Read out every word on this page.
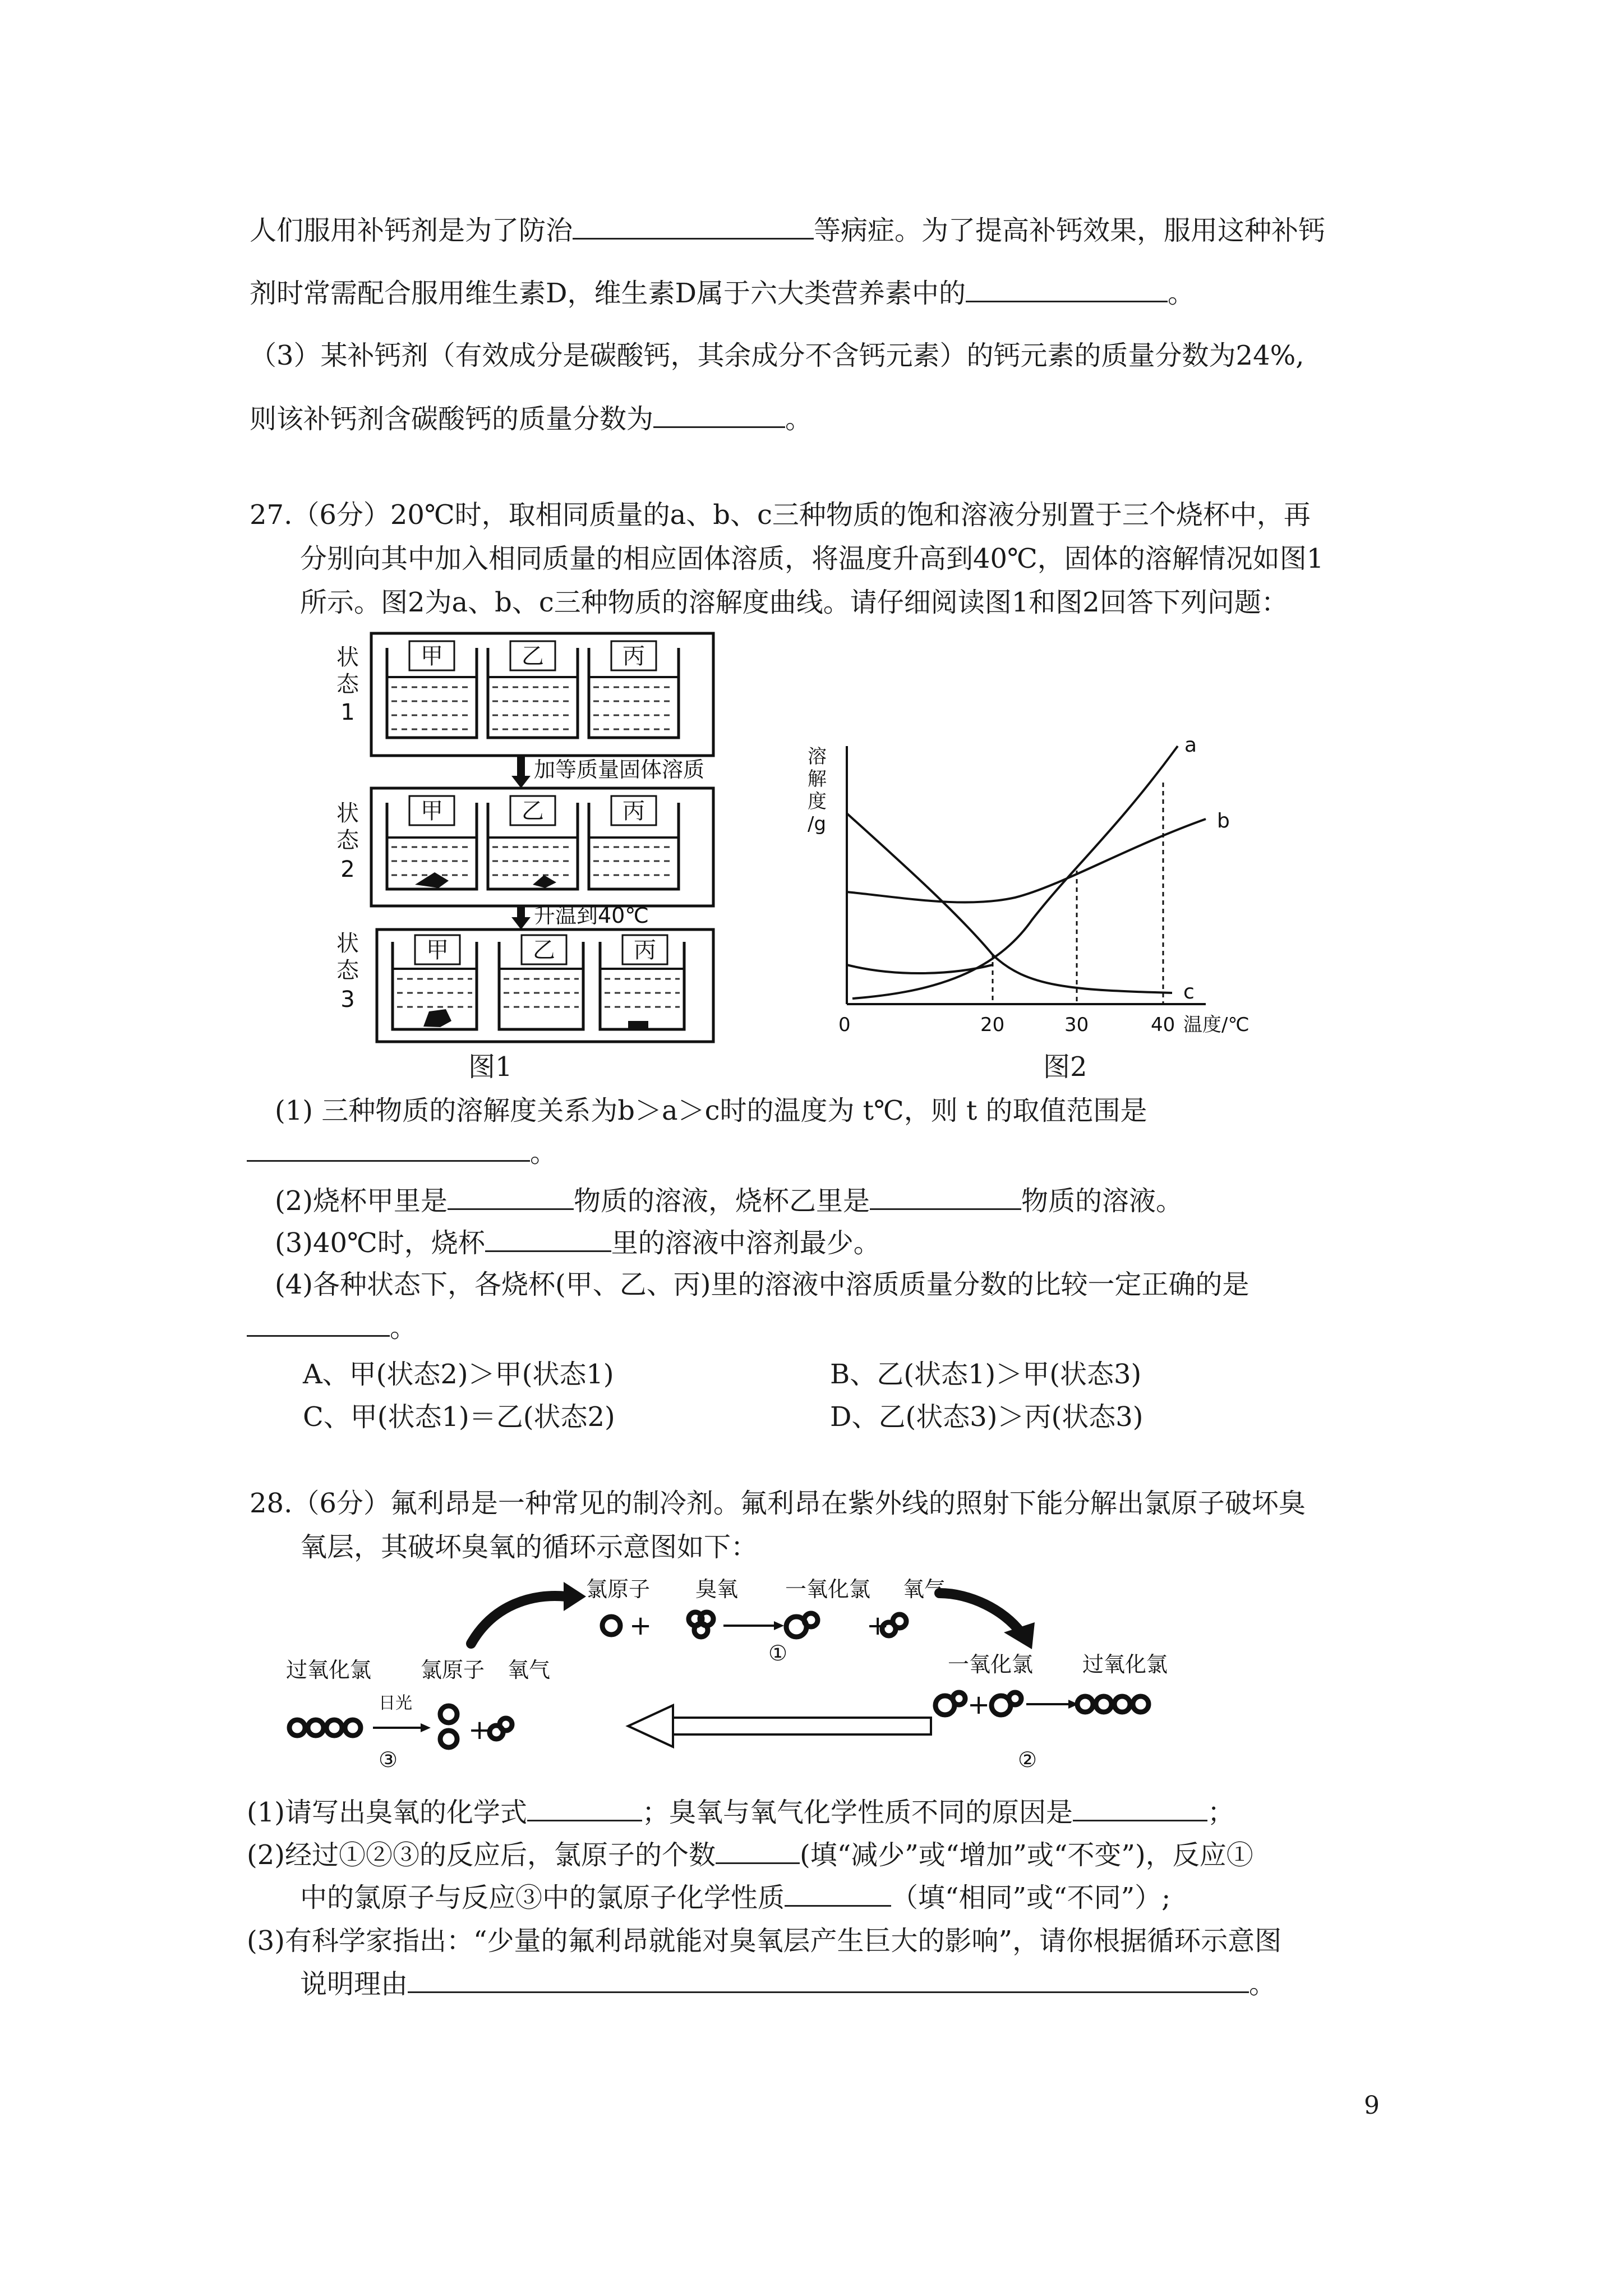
人们服用补钙剂是为了防治	等病症。为了提高补钙效果，服用这种补钙
剂时常需配合服用维生素D，维生素D属于六大类营养素中的	。
（3）某补钙剂（有效成分是碳酸钙，其余成分不含钙元素）的钙元素的质量分数为24%,
则该补钙剂含碳酸钙的质量分数为	。
27.（6分）20℃时，取相同质量的a、b、c三种物质的饱和溶液分别置于三个烧杯中，再
分别向其中加入相同质量的相应固体溶质，将温度升高到40℃，固体的溶解情况如图1
所示。图2为a、b、c三种物质的溶解度曲线。请仔细阅读图1和图2回答下列问题：
状
态
1
状
态
2
状
态
3
甲	乙	丙
甲	乙	丙
甲	乙	丙
加等质量固体溶质
升温到40℃
图1
溶
解
度
/g
0	20	30	40 温度/℃
a
b
c
图2
(1) 三种物质的溶解度关系为b＞a＞c时的温度为 t℃，则 t 的取值范围是
。
(2)烧杯甲里是	物质的溶液，烧杯乙里是	物质的溶液。
(3)40℃时，烧杯	里的溶液中溶剂最少。
(4)各种状态下，各烧杯(甲、乙、丙)里的溶液中溶质质量分数的比较一定正确的是
。
A、甲(状态2)＞甲(状态1)	B、乙(状态1)＞甲(状态3)
C、甲(状态1)＝乙(状态2)	D、乙(状态3)＞丙(状态3)
28.（6分）氟利昂是一种常见的制冷剂。氟利昂在紫外线的照射下能分解出氯原子破坏臭
氧层，其破坏臭氧的循环示意图如下：
氯原子 臭氧 一氧化氯 氧气
过氧化氯 氯原子 氧气	一氧化氯 过氧化氯
日光
①
②
③
+	+
+
+
(1)请写出臭氧的化学式	；臭氧与氧气化学性质不同的原因是	；
(2)经过①②③的反应后，氯原子的个数	(填“减少”或“增加”或“不变”)，反应①
中的氯原子与反应③中的氯原子化学性质	（填“相同”或“不同”）;
(3)有科学家指出：“少量的氟利昂就能对臭氧层产生巨大的影响”，请你根据循环示意图
说明理由	。
9
